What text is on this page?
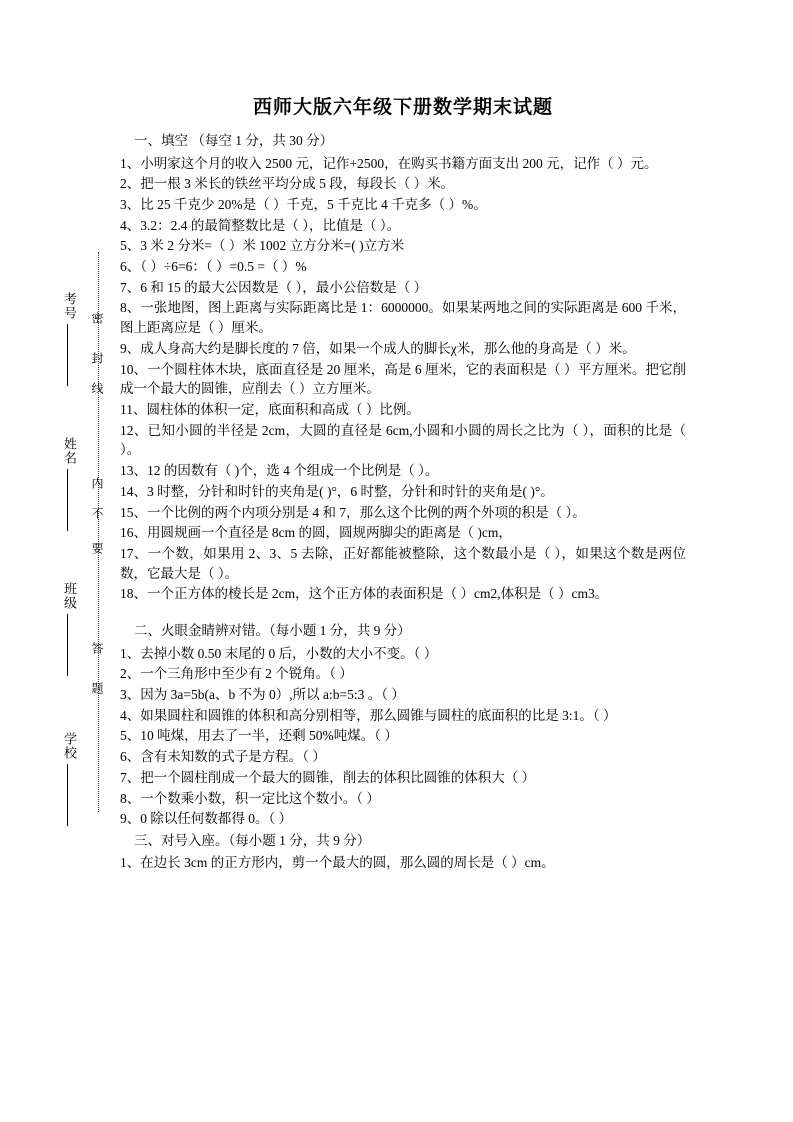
学校
班级
姓名
考号
题
答
要
不
内
线
封
密
西师大版六年级下册数学期末试题
一、填空 （每空 1 分，共 30 分）

1、小明家这个月的收入 2500 元，记作+2500，在购买书籍方面支出 200 元，记作（ ）元。

2、把一根 3 米长的铁丝平均分成 5 段，每段长（ ）米。

3、比 25 千克少 20%是（ ）千克，5 千克比 4 千克多（ ）%。

4、3.2：2.4 的最简整数比是（ ），比值是（ ）。

5、3 米 2 分米=（ ）米 1002 立方分米=( )立方米

6、（ ）÷6=6：（ ）=0.5 =（ ）%

7、6 和 15 的最大公因数是（ ），最小公倍数是（ ）

8、一张地图，图上距离与实际距离比是 1：6000000。如果某两地之间的实际距离是 600 千米，图上距离应是（ ）厘米。

9、成人身高大约是脚长度的 7 倍，如果一个成人的脚长χ米，那么他的身高是（ ）米。

10、一个圆柱体木块，底面直径是 20 厘米，高是 6 厘米，它的表面积是（ ）平方厘米。把它削成一个最大的圆锥，应削去（ ）立方厘米。

11、圆柱体的体积一定，底面积和高成（ ）比例。

12、已知小圆的半径是 2cm，大圆的直径是 6cm,小圆和小圆的周长之比为（ ），面积的比是（ ）。

13、12 的因数有（ )个，选 4 个组成一个比例是（ ）。

14、3 时整，分针和时针的夹角是( )°，6 时整，分针和时针的夹角是( )°。

15、一个比例的两个内项分别是 4 和 7，那么这个比例的两个外项的积是（ ）。

16、用圆规画一个直径是 8cm 的圆，圆规两脚尖的距离是（ )cm，

17、一个数，如果用 2、3、5 去除，正好都能被整除，这个数最小是（ ），如果这个数是两位数，它最大是（ ）。

18、一个正方体的棱长是 2cm，这个正方体的表面积是（ ）cm2,体积是（ ）cm3。

二、火眼金睛辨对错。（每小题 1 分，共 9 分）

1、去掉小数 0.50 末尾的 0 后，小数的大小不变。（ ）

2、一个三角形中至少有 2 个锐角。（ ）

3、因为 3a=5b(a、b 不为 0）,所以 a:b=5:3 。（ ）

4、如果圆柱和圆锥的体积和高分别相等，那么圆锥与圆柱的底面积的比是 3:1。（ ）

5、10 吨煤，用去了一半，还剩 50%吨煤。（ ）

6、含有未知数的式子是方程。（ ）

7、把一个圆柱削成一个最大的圆锥，削去的体积比圆锥的体积大（ ）

8、一个数乘小数，积一定比这个数小。（ ）

9、0 除以任何数都得 0。（ ）

三、对号入座。（每小题 1 分，共 9 分）

1、在边长 3cm 的正方形内，剪一个最大的圆，那么圆的周长是（ ）cm。
